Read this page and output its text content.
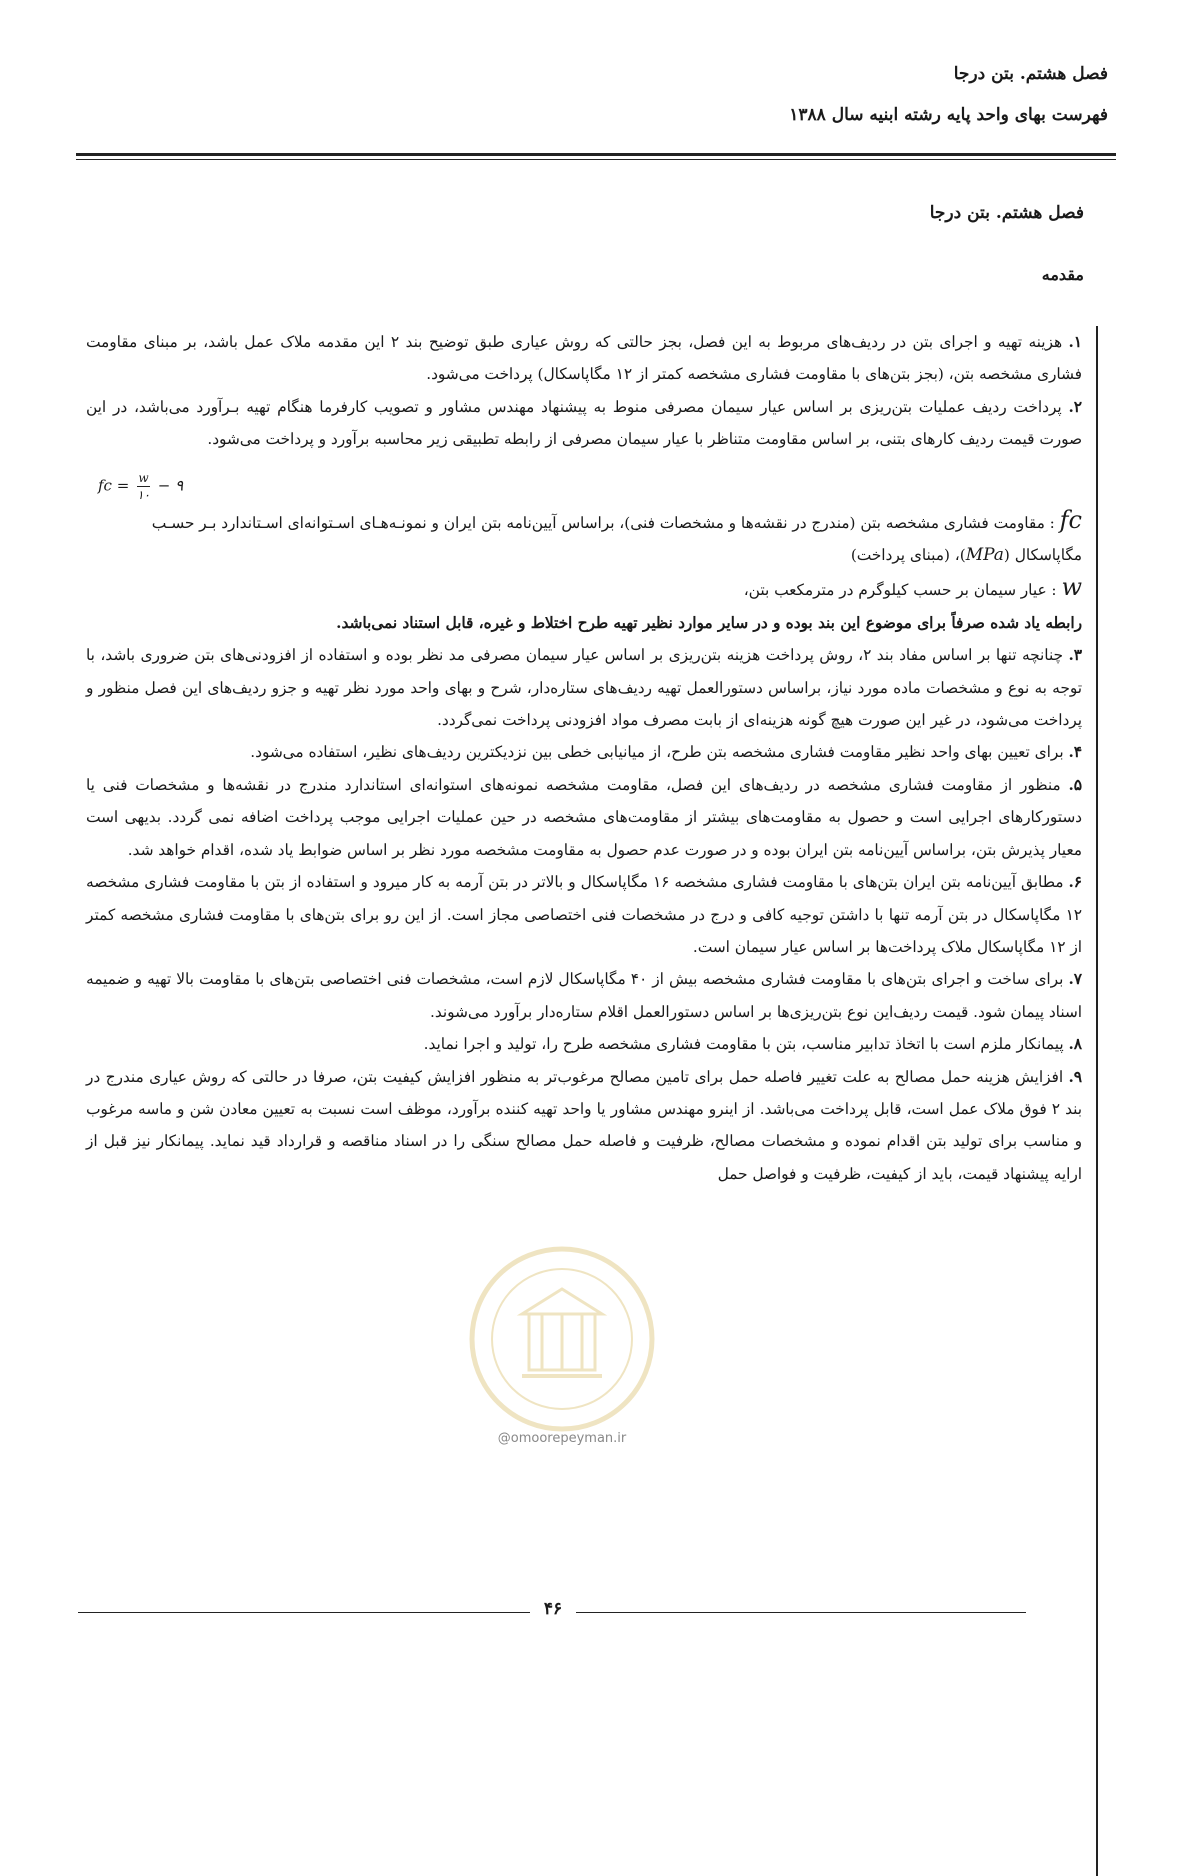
فصل هشتم. بتن درجا
فهرست بهای واحد پایه رشته ابنیه سال ۱۳۸۸
فصل هشتم. بتن درجا
مقدمه

۱. هزینه تهیه و اجرای بتن در ردیف‌های مربوط به این فصل، بجز حالتی که روش عیاری طبق توضیح بند ۲ این مقدمه ملاک عمل باشد، بر مبنای مقاومت فشاری مشخصه بتن، (بجز بتن‌های با مقاومت فشاری مشخصه کمتر از ۱۲ مگاپاسکال) پرداخت می‌شود.

۲. پرداخت ردیف عملیات بتن‌ریزی بر اساس عیار سیمان مصرفی منوط به پیشنهاد مهندس مشاور و تصویب کارفرما هنگام تهیه بـرآورد می‌باشد، در این صورت قیمت ردیف کارهای بتنی، بر اساس مقاومت متناظر با عیار سیمان مصرفی از رابطه تطبیقی زیر محاسبه برآورد و پرداخت می‌شود.

fc = $\frac{w}{۱۰}$ − ۹

fc : مقاومت فشاری مشخصه بتن (مندرج در نقشه‌ها و مشخصات فنی)، براساس آیین‌نامه بتن ایران و نمونـه‌هـای اسـتوانه‌ای اسـتاندارد بـر حسـب

مگاپاسکال (MPa)، (مبنای پرداخت)

w : عیار سیمان بر حسب کیلوگرم در مترمکعب بتن،

رابطه یاد شده صرفاً برای موضوع این بند بوده و در سایر موارد نظیر تهیه طرح اختلاط و غیره، قابل استناد نمی‌باشد.

۳. چنانچه تنها بر اساس مفاد بند ۲، روش پرداخت هزینه بتن‌ریزی بر اساس عیار سیمان مصرفی مد نظر بوده و استفاده از افزودنی‌های بتن ضروری باشد، با توجه به نوع و مشخصات ماده مورد نیاز، براساس دستورالعمل تهیه ردیف‌های ستاره‌دار، شرح و بهای واحد مورد نظر تهیه و جزو ردیف‌های این فصل منظور و پرداخت می‌شود، در غیر این صورت هیچ گونه هزینه‌ای از بابت مصرف مواد افزودنی پرداخت نمی‌گردد.

۴. برای تعیین بهای واحد نظیر مقاومت فشاری مشخصه بتن طرح، از میانیابی خطی بین نزدیکترین ردیف‌های نظیر، استفاده می‌شود.

۵. منظور از مقاومت فشاری مشخصه در ردیف‌های این فصل، مقاومت مشخصه نمونه‌های استوانه‌ای استاندارد مندرج در نقشه‌ها و مشخصات فنی یا دستورکارهای اجرایی است و حصول به مقاومت‌های بیشتر از مقاومت‌های مشخصه در حین عملیات اجرایی موجب پرداخت اضافه نمی گردد. بدیهی است معیار پذیرش بتن، براساس آیین‌نامه بتن ایران بوده و در صورت عدم حصول به مقاومت مشخصه مورد نظر بر اساس ضوابط یاد شده، اقدام خواهد شد.

۶. مطابق آیین‌نامه بتن ایران بتن‌های با مقاومت فشاری مشخصه ۱۶ مگاپاسکال و بالاتر در بتن آرمه به کار میرود و استفاده از بتن با مقاومت فشاری مشخصه ۱۲ مگاپاسکال در بتن آرمه تنها با داشتن توجیه کافی و درج در مشخصات فنی اختصاصی مجاز است. از این رو برای بتن‌های با مقاومت فشاری مشخصه کمتر از ۱۲ مگاپاسکال ملاک پرداخت‌ها بر اساس عیار سیمان است.

۷. برای ساخت و اجرای بتن‌های با مقاومت فشاری مشخصه بیش از ۴۰ مگاپاسکال لازم است، مشخصات فنی اختصاصی بتن‌های با مقاومت بالا تهیه و ضمیمه اسناد پیمان شود. قیمت ردیف‌این نوع بتن‌ریزی‌ها بر اساس دستورالعمل اقلام ستاره‌دار برآورد می‌شوند.

۸. پیمانکار ملزم است با اتخاذ تدابیر مناسب، بتن با مقاومت فشاری مشخصه طرح را، تولید و اجرا نماید.

۹. افزایش هزینه حمل مصالح به علت تغییر فاصله حمل برای تامین مصالح مرغوب‌تر به منظور افزایش کیفیت بتن، صرفا در حالتی که روش عیاری مندرج در بند ۲ فوق ملاک عمل است، قابل پرداخت می‌باشد. از اینرو مهندس مشاور یا واحد تهیه کننده برآورد، موظف است نسبت به تعیین معادن شن و ماسه مرغوب و مناسب برای تولید بتن اقدام نموده و مشخصات مصالح، ظرفیت و فاصله حمل مصالح سنگی را در اسناد مناقصه و قرارداد قید نماید. پیمانکار نیز قبل از ارایه پیشنهاد قیمت، باید از کیفیت، ظرفیت و فواصل حمل

@omoorepeyman.ir
۴۶
